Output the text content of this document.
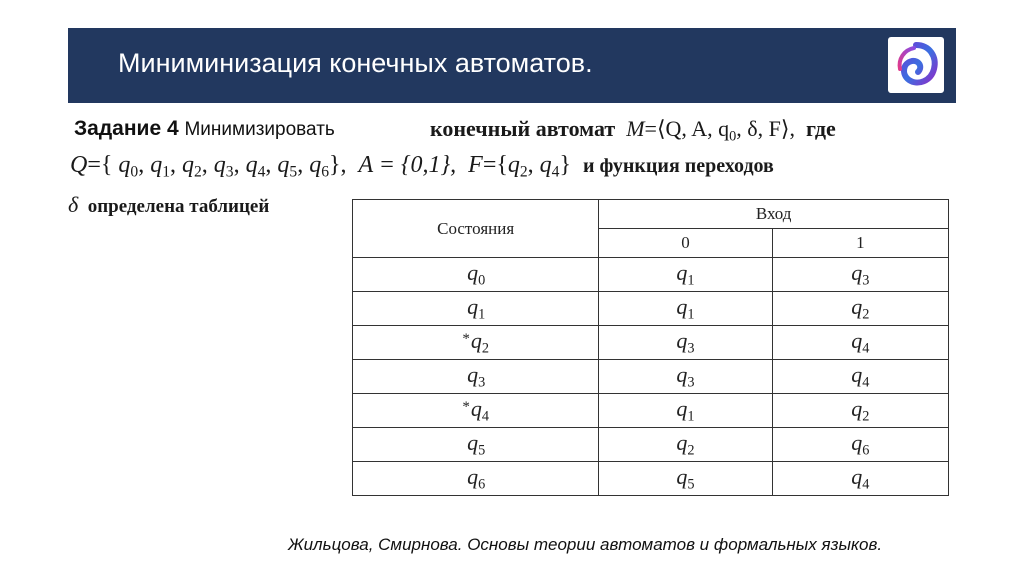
Миниминизация конечных автоматов.
Задание 4 Минимизировать	конечный автомат M=⟨Q, A, $q_0$, δ, F⟩, где
Q={ $q_0$, $q_1$, $q_2$, $q_3$, $q_4$, $q_5$, $q_6$},  A = {0,1}, $F=\{q_2$, $q_4$}  и функция переходов
δ определена таблицей
Состояния	Вход	
	0	1
$q_0$	$q_1$	$q_3$
$q_1$	$q_1$	$q_2$
$^*q_2$	$q_3$	$q_4$
$q_3$	$q_3$	$q_4$
$^*q_4$	$q_1$	$q_2$
$q_5$	$q_2$	$q_6$
$q_6$	$q_5$	$q_4$
Жильцова, Смирнова. Основы теории автоматов и формальных языков.
